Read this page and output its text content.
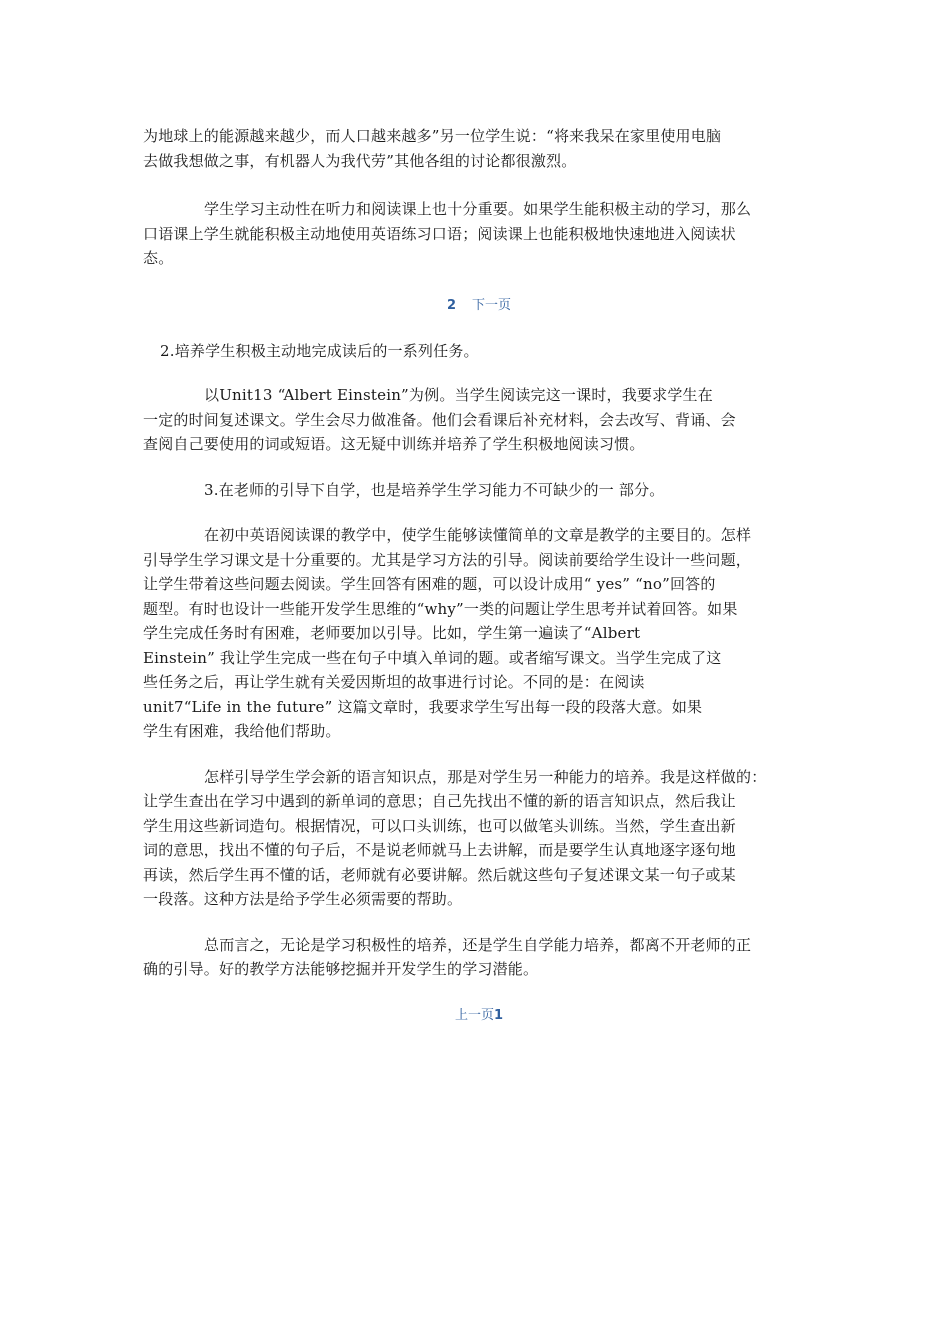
为地球上的能源越来越少，而人口越来越多”另一位学生说：“将来我呆在家里使用电脑
去做我想做之事，有机器人为我代劳”其他各组的讨论都很激烈。

学生学习主动性在听力和阅读课上也十分重要。如果学生能积极主动的学习，那么
口语课上学生就能积极主动地使用英语练习口语；阅读课上也能积极地快速地进入阅读状
态。

2 下一页

2.培养学生积极主动地完成读后的一系列任务。

以Unit13 “Albert Einstein”为例。当学生阅读完这一课时，我要求学生在
一定的时间复述课文。学生会尽力做准备。他们会看课后补充材料，会去改写、背诵、会
查阅自己要使用的词或短语。这无疑中训练并培养了学生积极地阅读习惯。

3.在老师的引导下自学，也是培养学生学习能力不可缺少的一 部分。

在初中英语阅读课的教学中，使学生能够读懂简单的文章是教学的主要目的。怎样
引导学生学习课文是十分重要的。尤其是学习方法的引导。阅读前要给学生设计一些问题，
让学生带着这些问题去阅读。学生回答有困难的题，可以设计成用“ yes” “no”回答的
题型。有时也设计一些能开发学生思维的“why”一类的问题让学生思考并试着回答。如果
学生完成任务时有困难，老师要加以引导。比如，学生第一遍读了“Albert
Einstein” 我让学生完成一些在句子中填入单词的题。或者缩写课文。当学生完成了这
些任务之后，再让学生就有关爱因斯坦的故事进行讨论。不同的是：在阅读
unit7“Life in the future” 这篇文章时，我要求学生写出每一段的段落大意。如果
学生有困难，我给他们帮助。

怎样引导学生学会新的语言知识点，那是对学生另一种能力的培养。我是这样做的：
让学生查出在学习中遇到的新单词的意思；自己先找出不懂的新的语言知识点，然后我让
学生用这些新词造句。根据情况，可以口头训练，也可以做笔头训练。当然，学生查出新
词的意思，找出不懂的句子后，不是说老师就马上去讲解，而是要学生认真地逐字逐句地
再读，然后学生再不懂的话，老师就有必要讲解。然后就这些句子复述课文某一句子或某
一段落。这种方法是给予学生必须需要的帮助。

总而言之，无论是学习积极性的培养，还是学生自学能力培养，都离不开老师的正
确的引导。好的教学方法能够挖掘并开发学生的学习潜能。

上一页1
